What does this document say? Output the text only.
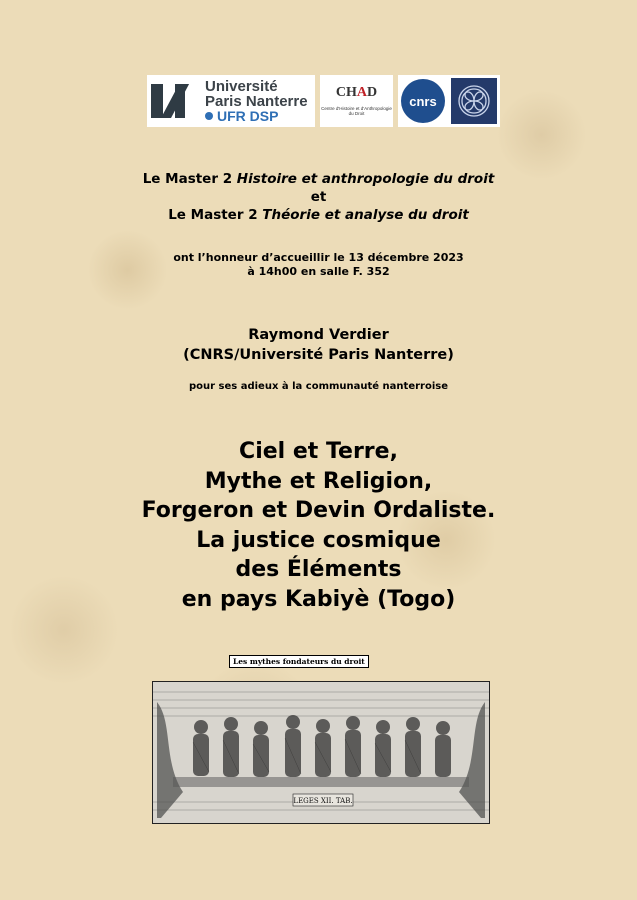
Université
Paris Nanterre
UFR DSP
CHAD
Centre d'Histoire et d'Anthropologie du Droit
cnrs
Le Master 2 Histoire et anthropologie du droit
et
Le Master 2 Théorie et analyse du droit
ont l’honneur d’accueillir le 13 décembre 2023
à 14h00 en salle F. 352
Raymond Verdier
(CNRS/Université Paris Nanterre)
pour ses adieux à la communauté nanterroise
Ciel et Terre,
Mythe et Religion,
Forgeron et Devin Ordaliste.
La justice cosmique
des Éléments
en pays Kabiyè (Togo)
Les mythes fondateurs du droit
LEGES XII. TAB.
